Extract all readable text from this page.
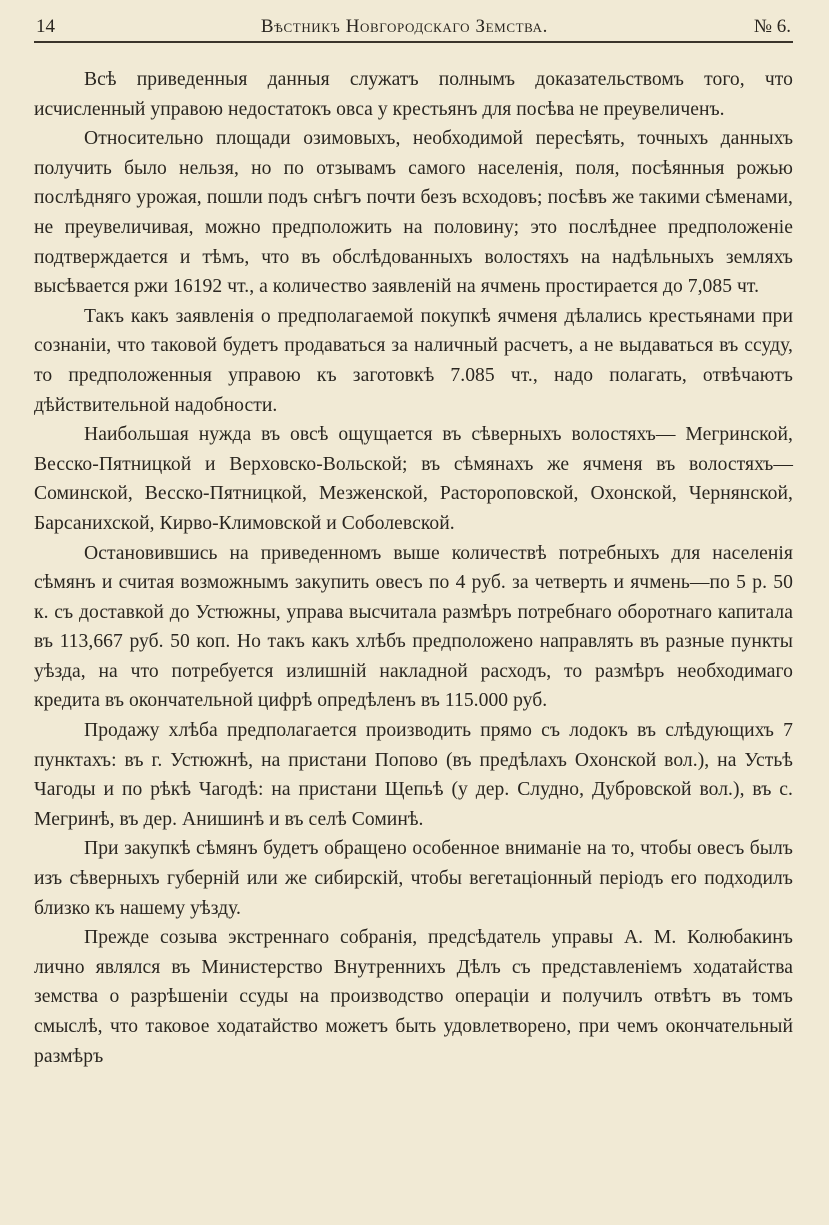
14	Вѣстникъ Новгородскаго Земства.	№ 6.

Всѣ приведенныя данныя служатъ полнымъ доказательствомъ того, что исчисленный управою недостатокъ овса у крестьянъ для посѣва не преувеличенъ.

Относительно площади озимовыхъ, необходимой пересѣять, точныхъ данныхъ получить было нельзя, но по отзывамъ самого населенія, поля, посѣянныя рожью послѣдняго урожая, пошли подъ снѣгъ почти безъ всходовъ; посѣвъ же такими сѣменами, не преувеличивая, можно предположить на половину; это послѣднее предположеніе подтверждается и тѣмъ, что въ обслѣдованныхъ волостяхъ на надѣльныхъ земляхъ высѣвается ржи 16192 чт., а количество заявленій на ячмень простирается до 7,085 чт.

Такъ какъ заявленія о предполагаемой покупкѣ ячменя дѣлались крестьянами при сознаніи, что таковой будетъ продаваться за наличный расчетъ, а не выдаваться въ ссуду, то предположенныя управою къ заготовкѣ 7.085 чт., надо полагать, отвѣчаютъ дѣйствительной надобности.

Наибольшая нужда въ овсѣ ощущается въ сѣверныхъ волостяхъ— Мегринской, Весско-Пятницкой и Верховско-Вольской; въ сѣмянахъ же ячменя въ волостяхъ—Соминской, Весско-Пятницкой, Мезженской, Растороповской, Охонской, Чернянской, Барсанихской, Кирво-Климовской и Соболевской.

Остановившись на приведенномъ выше количествѣ потребныхъ для населенія сѣмянъ и считая возможнымъ закупить овесъ по 4 руб. за четверть и ячмень—по 5 р. 50 к. съ доставкой до Устюжны, управа высчитала размѣръ потребнаго оборотнаго капитала въ 113,667 руб. 50 коп. Но такъ какъ хлѣбъ предположено направлять въ разные пункты уѣзда, на что потребуется излишній накладной расходъ, то размѣръ необходимаго кредита въ окончательной цифрѣ опредѣленъ въ 115.000 руб.

Продажу хлѣба предполагается производить прямо съ лодокъ въ слѣдующихъ 7 пунктахъ: въ г. Устюжнѣ, на пристани Попово (въ предѣлахъ Охонской вол.), на Устьѣ Чагоды и по рѣкѣ Чагодѣ: на пристани Щепьѣ (у дер. Слудно, Дубровской вол.), въ с. Мегринѣ, въ дер. Анишинѣ и въ селѣ Соминѣ.

При закупкѣ сѣмянъ будетъ обращено особенное вниманіе на то, чтобы овесъ былъ изъ сѣверныхъ губерній или же сибирскій, чтобы вегетаціонный періодъ его подходилъ близко къ нашему уѣзду.

Прежде созыва экстреннаго собранія, предсѣдатель управы А. М. Колюбакинъ лично являлся въ Министерство Внутреннихъ Дѣлъ съ представленіемъ ходатайства земства о разрѣшеніи ссуды на производство операціи и получилъ отвѣтъ въ томъ смыслѣ, что таковое ходатайство можетъ быть удовлетворено, при чемъ окончательный размѣръ
